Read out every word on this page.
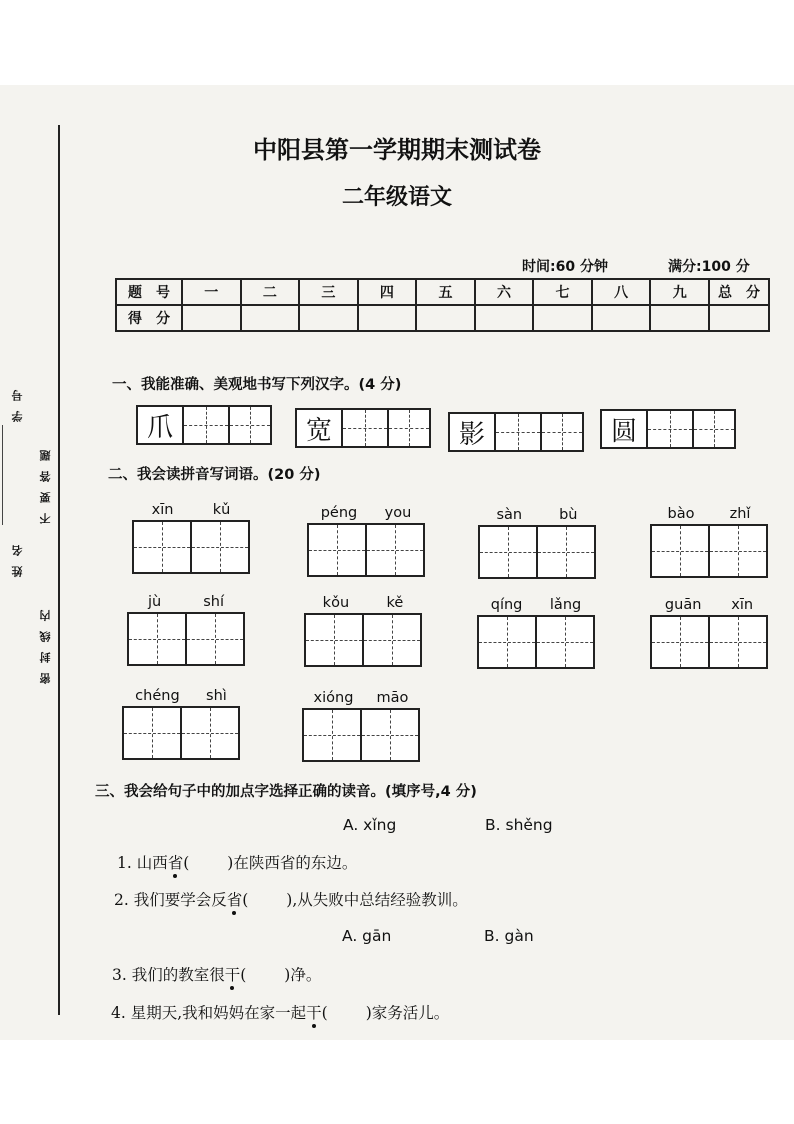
学号
姓名
不要答题
密封线内
中阳县第一学期期末测试卷
二年级语文
时间:60 分钟	满分:100 分
题　号	一	二	三	四	五	六	七	八	九	总　分
得　分										
一、我能准确、美观地书写下列汉字。(4 分)
爪	宽	影	圆
二、我会读拼音写词语。(20 分)
xīn	kǔ	péng you	sàn	bù	bào zhǐ
jù	shí	kǒu	kě	qíng lǎng	guān xīn
chéng shì	xióng māo
三、我会给句子中的加点字选择正确的读音。(填序号,4 分)
A. xǐng	B. shěng
1. 山西省( )在陕西省的东边。
2. 我们要学会反省( ),从失败中总结经验教训。
A. gān	B. gàn
3. 我们的教室很干( )净。
4. 星期天,我和妈妈在家一起干( )家务活儿。
